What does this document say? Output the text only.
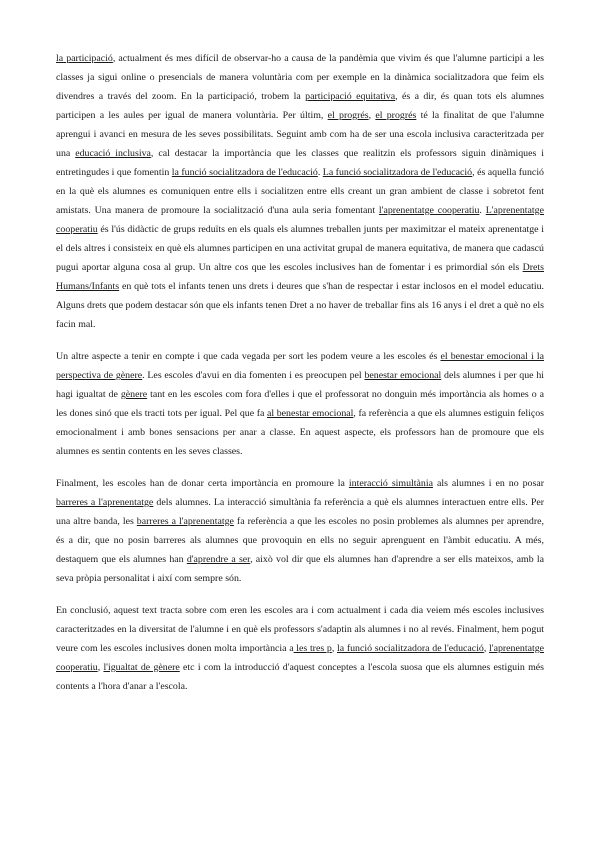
la participació, actualment és mes difícil de observar-ho a causa de la pandèmia que vivim és que l'alumne participi a les classes ja sigui online o presencials de manera voluntària com per exemple en la dinàmica socialitzadora que feim els divendres a través del zoom. En la participació, trobem la participació equitativa, és a dir, és quan tots els alumnes participen a les aules per igual de manera voluntària. Per últim, el progrés, el progrés té la finalitat de que l'alumne aprengui i avanci en mesura de les seves possibilitats. Seguint amb com ha de ser una escola inclusiva caracteritzada per una educació inclusiva, cal destacar la importància que les classes que realitzin els professors siguin dinàmiques i entretingudes i que fomentin la funció socialitzadora de l'educació. La funció socialitzadora de l'educació, és aquella funció en la què els alumnes es comuniquen entre ells i socialitzen entre ells creant un gran ambient de classe i sobretot fent amistats. Una manera de promoure la socialització d'una aula seria fomentant l'aprenentatge cooperatiu. L'aprenentatge cooperatiu és l'ús didàctic de grups reduïts en els quals els alumnes treballen junts per maximitzar el mateix aprenentatge i el dels altres i consisteix en què els alumnes participen en una activitat grupal de manera equitativa, de manera que cadascú pugui aportar alguna cosa al grup. Un altre cos que les escoles inclusives han de fomentar i es primordial són els Drets Humans/Infants en què tots el infants tenen uns drets i deures que s'han de respectar i estar inclosos en el model educatiu. Alguns drets que podem destacar són que els infants tenen Dret a no haver de treballar fins als 16 anys i el dret a què no els facin mal.

Un altre aspecte a tenir en compte i que cada vegada per sort les podem veure a les escoles és el benestar emocional i la perspectiva de gènere. Les escoles d'avui en dia fomenten i es preocupen pel benestar emocional dels alumnes i per que hi hagi igualtat de gènere tant en les escoles com fora d'elles i que el professorat no donguin més importància als homes o a les dones sinó que els tracti tots per igual. Pel que fa al benestar emocional, fa referència a que els alumnes estiguin feliços emocionalment i amb bones sensacions per anar a classe. En aquest aspecte, els professors han de promoure que els alumnes es sentin contents en les seves classes.

Finalment, les escoles han de donar certa importància en promoure la interacció simultània als alumnes i en no posar barreres a l'aprenentatge dels alumnes. La interacció simultània fa referència a què els alumnes interactuen entre ells. Per una altre banda, les barreres a l'aprenentatge fa referència a que les escoles no posin problemes als alumnes per aprendre, és a dir, que no posin barreres als alumnes que provoquin en ells no seguir aprenguent en l'àmbit educatiu. A més, destaquem que els alumnes han d'aprendre a ser, això vol dir que els alumnes han d'aprendre a ser ells mateixos, amb la seva pròpia personalitat i així com sempre són.

En conclusió, aquest text tracta sobre com eren les escoles ara i com actualment i cada dia veiem més escoles inclusives caracteritzades en la diversitat de l'alumne i en què els professors s'adaptin als alumnes i no al revés. Finalment, hem pogut veure com les escoles inclusives donen molta importància a les tres p, la funció socialitzadora de l'educació, l'aprenentatge cooperatiu, l'igualtat de gènere etc i com la introducció d'aquest conceptes a l'escola suosa que els alumnes estiguin més contents a l'hora d'anar a l'escola.
